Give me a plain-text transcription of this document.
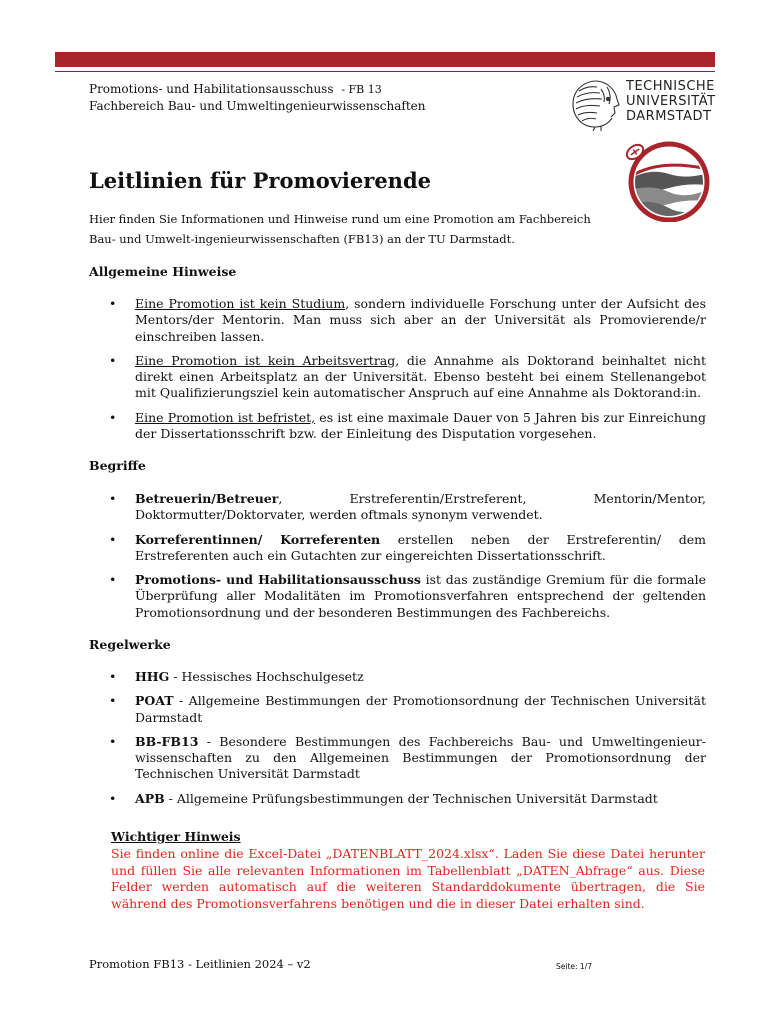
Promotions- und Habilitationsausschuss - FB 13
Fachbereich Bau- und Umweltingenieurwissenschaften
TECHNISCHE
UNIVERSITÄT
DARMSTADT
Leitlinien für Promovierende
Hier finden Sie Informationen und Hinweise rund um eine Promotion am Fachbereich Bau- und Umwelt-ingenieurwissenschaften (FB13) an der TU Darmstadt.
Allgemeine Hinweise
• Eine Promotion ist kein Studium, sondern individuelle Forschung unter der Aufsicht des Mentors/der Mentorin. Man muss sich aber an der Universität als Promovierende/r einschreiben lassen.
• Eine Promotion ist kein Arbeitsvertrag, die Annahme als Doktorand beinhaltet nicht direkt einen Arbeitsplatz an der Universität. Ebenso besteht bei einem Stellenangebot mit Qualifizierungsziel kein automatischer Anspruch auf eine Annahme als Doktorand:in.
• Eine Promotion ist befristet, es ist eine maximale Dauer von 5 Jahren bis zur Einreichung der Dissertationsschrift bzw. der Einleitung des Disputation vorgesehen.
Begriffe
• Betreuerin/Betreuer, Erstreferentin/Erstreferent, Mentorin/Mentor, Doktormutter/Doktorvater, werden oftmals synonym verwendet.
• Korreferentinnen/ Korreferenten erstellen neben der Erstreferentin/ dem Erstreferenten auch ein Gutachten zur eingereichten Dissertationsschrift.
• Promotions- und Habilitationsausschuss ist das zuständige Gremium für die formale Überprüfung aller Modalitäten im Promotionsverfahren entsprechend der geltenden Promotionsordnung und der besonderen Bestimmungen des Fachbereichs.
Regelwerke
• HHG - Hessisches Hochschulgesetz
• POAT - Allgemeine Bestimmungen der Promotionsordnung der Technischen Universität Darmstadt
• BB-FB13 - Besondere Bestimmungen des Fachbereichs Bau- und Umweltingenieur- wissenschaften zu den Allgemeinen Bestimmungen der Promotionsordnung der Technischen Universität Darmstadt
• APB - Allgemeine Prüfungsbestimmungen der Technischen Universität Darmstadt
Wichtiger Hinweis
Sie finden online die Excel-Datei „DATENBLATT_2024.xlsx“. Laden Sie diese Datei herunter und füllen Sie alle relevanten Informationen im Tabellenblatt „DATEN_Abfrage“ aus. Diese Felder werden automatisch auf die weiteren Standarddokumente übertragen, die Sie während des Promotionsverfahrens benötigen und die in dieser Datei erhalten sind.
Promotion FB13 - Leitlinien 2024 – v2	Seite: 1/7
